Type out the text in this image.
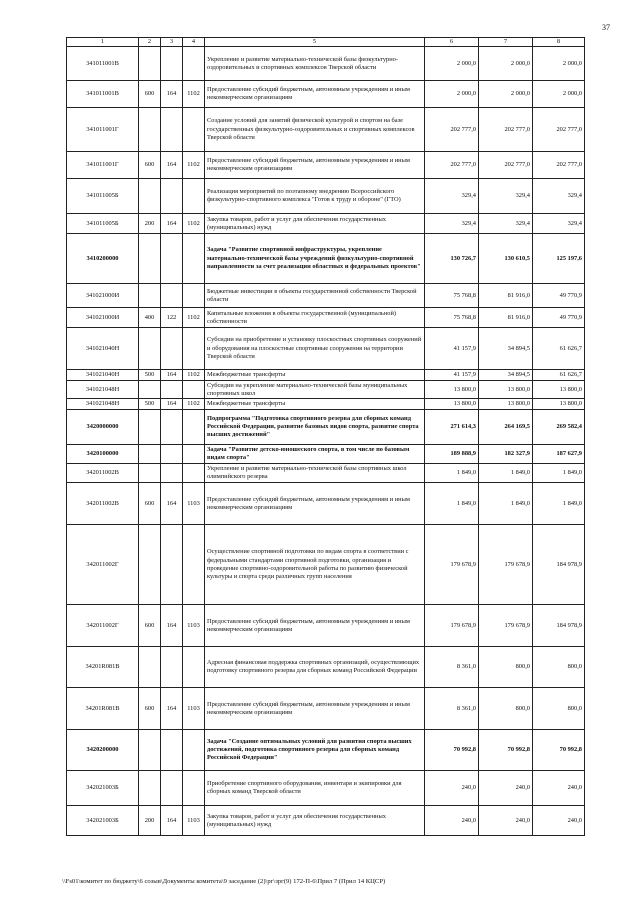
37
1	2	3	4	5	6	7	8
341011001В				Укрепление и развитие материально-технической базы физкультурно-оздоровительных и спортивных комплексов Тверской области	2 000,0	2 000,0	2 000,0
341011001В	600	164	1102	Предоставление субсидий бюджетным, автономным учреждениям и иным некоммерческим организациям	2 000,0	2 000,0	2 000,0
341011001Г				Создание условий для занятий физической культурой и спортом на базе государственных физкультурно-оздоровительных и спортивных комплексов Тверской области	202 777,0	202 777,0	202 777,0
341011001Г	600	164	1102	Предоставление субсидий бюджетным, автономным учреждениям и иным некоммерческим организациям	202 777,0	202 777,0	202 777,0
341011005Б				Реализация мероприятий по поэтапному внедрению Всероссийского физкультурно-спортивного комплекса "Готов к труду и обороне" (ГТО)	329,4	329,4	329,4
341011005Б	200	164	1102	Закупка товаров, работ и услуг для обеспечения государственных (муниципальных) нужд	329,4	329,4	329,4
3410200000				Задача "Развитие спортивной инфраструктуры, укрепление материально-технической базы учреждений физкультурно-спортивной направленности за счет реализации областных и федеральных проектов"	130 726,7	130 610,5	125 197,6
341021000И				Бюджетные инвестиции в объекты государственной собственности Тверской области	75 768,8	81 916,0	49 770,9
341021000И	400	122	1102	Капитальные вложения в объекты государственной (муниципальной) собственности	75 768,8	81 916,0	49 770,9
341021040Н				Субсидии на приобретение и установку плоскостных спортивных сооружений и оборудования на плоскостные спортивные сооружения на территории Тверской области	41 157,9	34 894,5	61 626,7
341021040Н	500	164	1102	Межбюджетные трансферты	41 157,9	34 894,5	61 626,7
341021048Н				Субсидии на укрепление материально-технической базы муниципальных спортивных школ	13 800,0	13 800,0	13 800,0
341021048Н	500	164	1102	Межбюджетные трансферты	13 800,0	13 800,0	13 800,0
3420000000				Подпрограмма "Подготовка спортивного резерва для сборных команд Российской Федерации, развитие базовых видов спорта, развитие спорта высших достижений"	271 614,3	264 169,5	269 582,4
3420100000				Задача "Развитие детско-юношеского спорта, в том числе по базовым видам спорта"	189 888,9	182 327,9	187 627,9
342011002В				Укрепление и развитие материально-технической базы спортивных школ олимпийского резерва	1 849,0	1 849,0	1 849,0
342011002В	600	164	1103	Предоставление субсидий бюджетным, автономным учреждениям и иным некоммерческим организациям	1 849,0	1 849,0	1 849,0
342011002Г				Осуществление спортивной подготовки по видам спорта в соответствии с федеральными стандартами спортивной подготовки, организация и проведение спортивно-оздоровительной работы по развитию физической культуры и спорта среди различных групп населения	179 678,9	179 678,9	184 978,9
342011002Г	600	164	1103	Предоставление субсидий бюджетным, автономным учреждениям и иным некоммерческим организациям	179 678,9	179 678,9	184 978,9
34201R081В				Адресная финансовая поддержка спортивных организаций, осуществляющих подготовку спортивного резерва для сборных команд Российской Федерации	8 361,0	800,0	800,0
34201R081В	600	164	1103	Предоставление субсидий бюджетным, автономным учреждениям и иным некоммерческим организациям	8 361,0	800,0	800,0
3420200000				Задача "Создание оптимальных условий для развития спорта высших достижений, подготовка спортивного резерва для сборных команд Российской Федерации"	70 992,8	70 992,8	70 992,8
342021003Б				Приобретение спортивного оборудования, инвентаря и экипировки для сборных команд Тверской области	240,0	240,0	240,0
342021003Б	200	164	1103	Закупка товаров, работ и услуг для обеспечения государственных (муниципальных) нужд	240,0	240,0	240,0
\\Fs01\комитет по бюджету\6 созыв\Документы комитета\9 заседание (2)\рг\зрг(9) 172-П-6\Прил 7 (Прил 14 КЦСР)
